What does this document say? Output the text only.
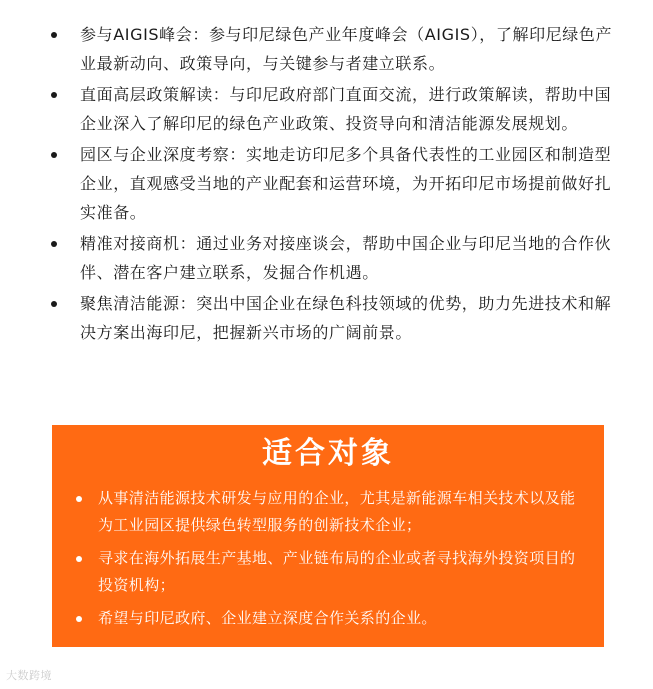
参与AIGIS峰会：参与印尼绿色产业年度峰会（AIGIS），了解印尼绿色产业最新动向、政策导向，与关键参与者建立联系。
直面高层政策解读：与印尼政府部门直面交流，进行政策解读，帮助中国企业深入了解印尼的绿色产业政策、投资导向和清洁能源发展规划。
园区与企业深度考察：实地走访印尼多个具备代表性的工业园区和制造型企业，直观感受当地的产业配套和运营环境，为开拓印尼市场提前做好扎实准备。
精准对接商机：通过业务对接座谈会，帮助中国企业与印尼当地的合作伙伴、潜在客户建立联系，发掘合作机遇。
聚焦清洁能源：突出中国企业在绿色科技领域的优势，助力先进技术和解决方案出海印尼，把握新兴市场的广阔前景。
适合对象
从事清洁能源技术研发与应用的企业，尤其是新能源车相关技术以及能为工业园区提供绿色转型服务的创新技术企业；
寻求在海外拓展生产基地、产业链布局的企业或者寻找海外投资项目的投资机构；
希望与印尼政府、企业建立深度合作关系的企业。
大数跨境
